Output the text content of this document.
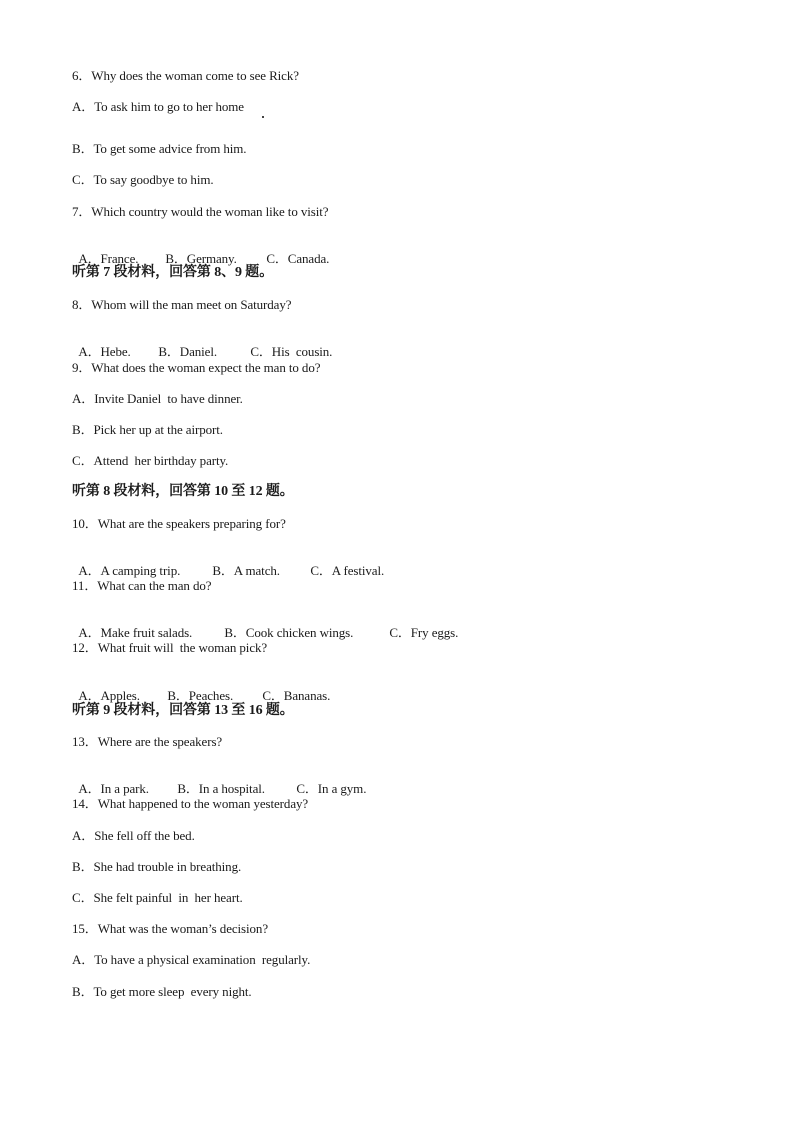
6．Why does the woman come to see Rick?
A．To ask him to go to her home
B．To get some advice from him.
C．To say goodbye to him.
7．Which country would the woman like to visit?

A．France. B．Germany. C．Canada.

听第 7 段材料，回答第 8、9 题。
8．Whom will the man meet on Saturday?

A．Hebe. B．Daniel.	C．His  cousin.

9．What does the woman expect the man to do?
A．Invite Daniel  to have dinner.
B．Pick her up at the airport.
C．Attend  her birthday party.
听第 8 段材料，回答第 10 至 12 题。
10．What are the speakers preparing for?

A．A camping trip. B．A match. C．A festival.

11．What can the man do?

A．Make fruit salads. B．Cook chicken wings.	C．Fry eggs.

12．What fruit will  the woman pick?

A．Apples. B．Peaches. C．Bananas.

听第 9 段材料，回答第 13 至 16 题。
13．Where are the speakers?

A．In a park. B．In a hospital. C．In a gym.

14．What happened to the woman yesterday?
A．She fell off the bed.
B．She had trouble in breathing.
C．She felt painful  in  her heart.
15．What was the woman’s decision?
A．To have a physical examination  regularly.
B．To get more sleep  every night.
